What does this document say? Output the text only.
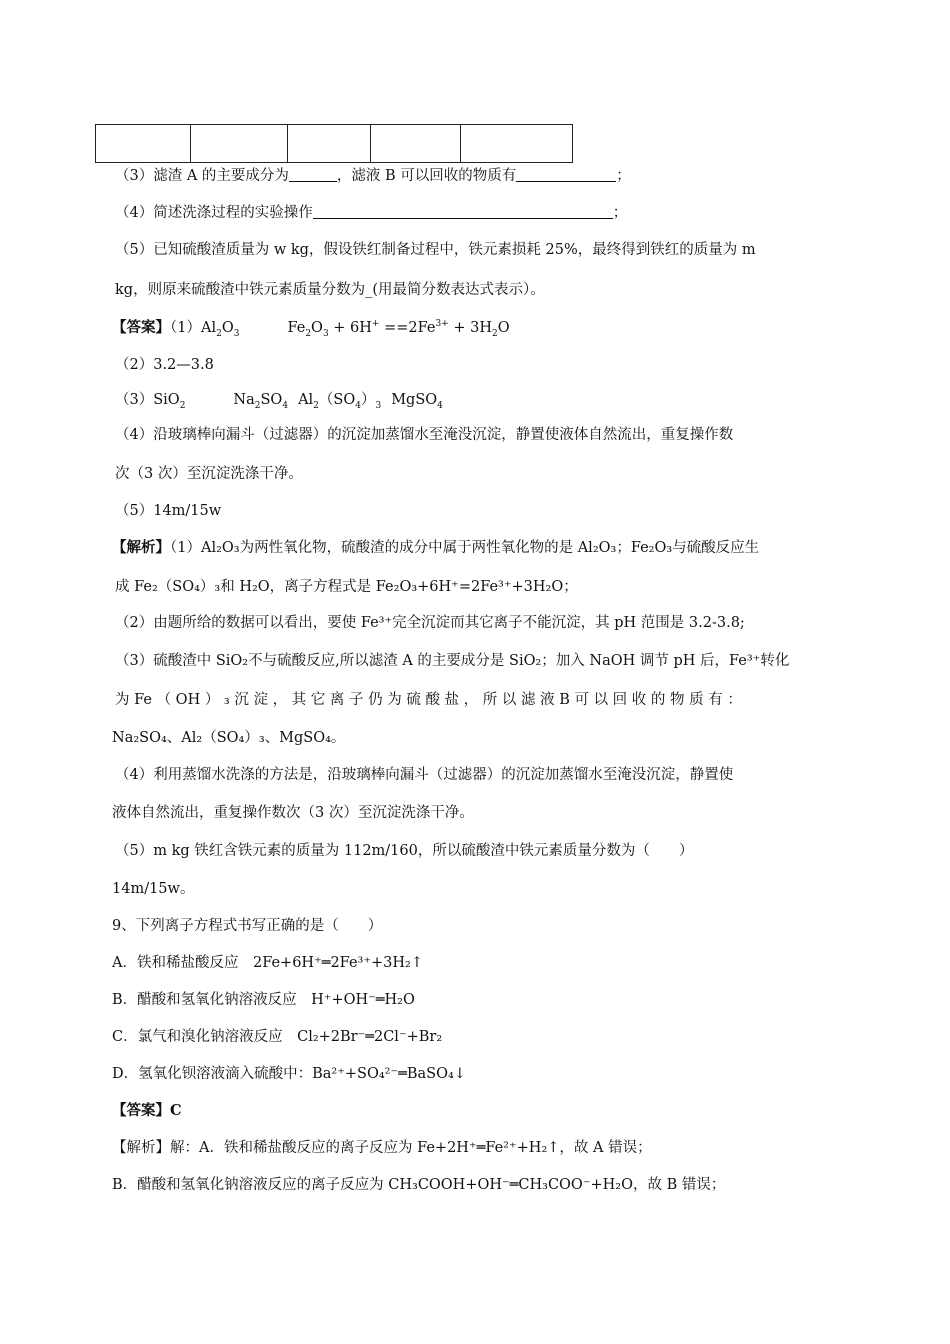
（3）滤渣 A 的主要成分为	，滤液 B 可以回收的物质有	；
（4）简述洗涤过程的实验操作	；
（5）已知硫酸渣质量为 w kg，假设铁红制备过程中，铁元素损耗 25%，最终得到铁红的质量为 m
kg，则原来硫酸渣中铁元素质量分数为_(用最简分数表达式表示）。
【答案】$(1)Al_2O_3$	$Fe_2O_3 + 6H^+ ==2Fe^{3+} + 3H_2O$
（2）3.2—3.8
（3）SiO$_2$	$Na_2SO_4$ $Al_2(SO_4)_3$ MgSO$_4$
（4）沿玻璃棒向漏斗（过滤器）的沉淀加蒸馏水至淹没沉淀，静置使液体自然流出，重复操作数
次（3 次）至沉淀洗涤干净。
（5）14m/15w
【解析】（1）Al₂O₃为两性氧化物，硫酸渣的成分中属于两性氧化物的是 Al₂O₃；Fe₂O₃与硫酸反应生
成 Fe₂（SO₄）₃和 H₂O，离子方程式是 Fe₂O₃+6H⁺=2Fe³⁺+3H₂O；
（2）由题所给的数据可以看出，要使 Fe³⁺完全沉淀而其它离子不能沉淀，其 pH 范围是 3.2-3.8;
（3）硫酸渣中 SiO₂不与硫酸反应,所以滤渣 A 的主要成分是 SiO₂；加入 NaOH 调节 pH 后，Fe³⁺转化
为 Fe （ OH ） ₃ 沉 淀 ， 其 它 离 子 仍 为 硫 酸 盐 ， 所 以 滤 液 B 可 以 回 收 的 物 质 有 ：
Na₂SO₄、Al₂（SO₄）₃、MgSO₄。
（4）利用蒸馏水洗涤的方法是，沿玻璃棒向漏斗（过滤器）的沉淀加蒸馏水至淹没沉淀，静置使
液体自然流出，重复操作数次（3 次）至沉淀洗涤干净。
（5）m kg 铁红含铁元素的质量为 112m/160，所以硫酸渣中铁元素质量分数为（　　）
14m/15w。
9、下列离子方程式书写正确的是（　　）
A．铁和稀盐酸反应　2Fe+6H⁺═2Fe³⁺+3H₂↑
B．醋酸和氢氧化钠溶液反应　H⁺+OH⁻═H₂O
C．氯气和溴化钠溶液反应　Cl₂+2Br⁻═2Cl⁻+Br₂
D．氢氧化钡溶液滴入硫酸中：Ba²⁺+SO₄²⁻═BaSO₄↓
【答案】C
【解析】解：A．铁和稀盐酸反应的离子反应为 Fe+2H⁺═Fe²⁺+H₂↑，故 A 错误；
B．醋酸和氢氧化钠溶液反应的离子反应为 CH₃COOH+OH⁻═CH₃COO⁻+H₂O，故 B 错误；
